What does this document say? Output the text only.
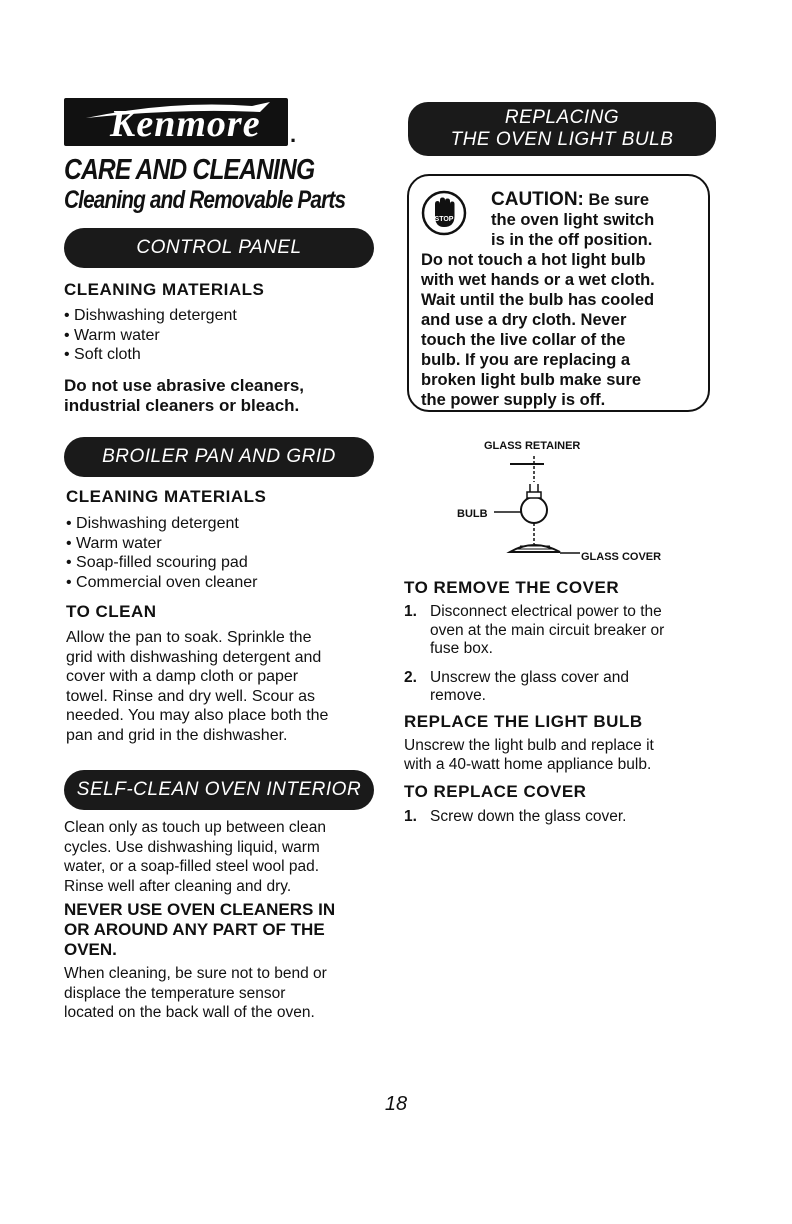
Kenmore .
CARE AND CLEANING
Cleaning and Removable Parts
CONTROL PANEL
CLEANING MATERIALS
• Dishwashing detergent
• Warm water
• Soft cloth
Do not use abrasive cleaners,
industrial cleaners or bleach.
BROILER PAN AND GRID
CLEANING MATERIALS
• Dishwashing detergent
• Warm water
• Soap-filled scouring pad
• Commercial oven cleaner
TO CLEAN
Allow the pan to soak. Sprinkle the
grid with dishwashing detergent and
cover with a damp cloth or paper
towel. Rinse and dry well. Scour as
needed. You may also place both the
pan and grid in the dishwasher.
SELF-CLEAN OVEN INTERIOR
Clean only as touch up between clean
cycles. Use dishwashing liquid, warm
water, or a soap-filled steel wool pad.
Rinse well after cleaning and dry.
NEVER USE OVEN CLEANERS IN
OR AROUND ANY PART OF THE
OVEN.
When cleaning, be sure not to bend or
displace the temperature sensor
located on the back wall of the oven.
REPLACING
THE OVEN LIGHT BULB
STOP
CAUTION: Be sure
the oven light switch
is in the off position.
Do not touch a hot light bulb
with wet hands or a wet cloth.
Wait until the bulb has cooled
and use a dry cloth. Never
touch the live collar of the
bulb. If you are replacing a
broken light bulb make sure
the power supply is off.
GLASS RETAINER
BULB
GLASS COVER
TO REMOVE THE COVER
1. Disconnect electrical power to the
oven at the main circuit breaker or
fuse box.
2. Unscrew the glass cover and
remove.
REPLACE THE LIGHT BULB
Unscrew the light bulb and replace it
with a 40-watt home appliance bulb.
TO REPLACE COVER
1. Screw down the glass cover.
18
